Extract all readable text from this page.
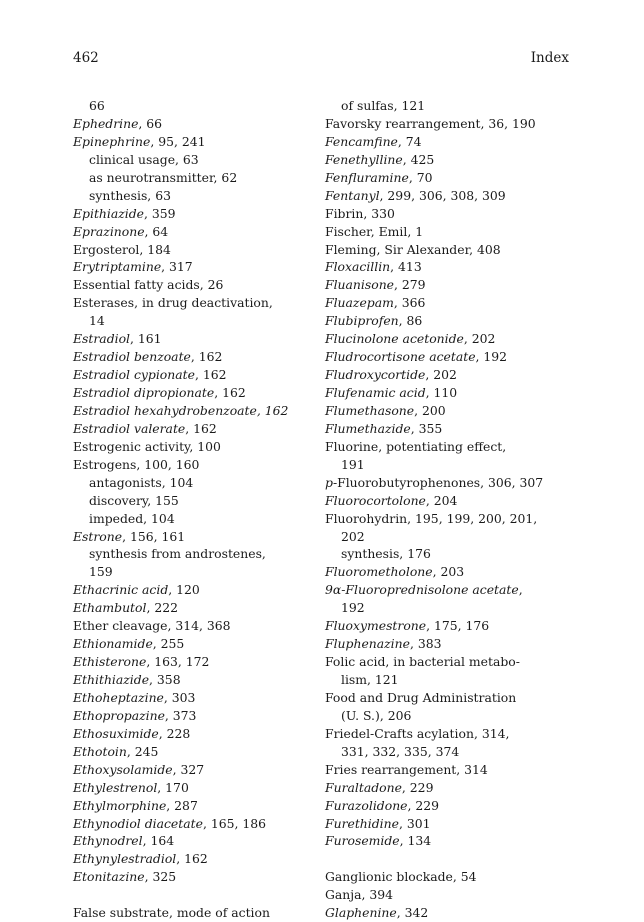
462	Index
66
Ephedrine, 66
Epinephrine, 95, 241
clinical usage, 63
as neurotransmitter, 62
synthesis, 63
Epithiazide, 359
Eprazinone, 64
Ergosterol, 184
Erytriptamine, 317
Essential fatty acids, 26
Esterases, in drug deactivation,
14
Estradiol, 161
Estradiol benzoate, 162
Estradiol cypionate, 162
Estradiol dipropionate, 162
Estradiol hexahydrobenzoate, 162
Estradiol valerate, 162
Estrogenic activity, 100
Estrogens, 100, 160
antagonists, 104
discovery, 155
impeded, 104
Estrone, 156, 161
synthesis from androstenes,
159
Ethacrinic acid, 120
Ethambutol, 222
Ether cleavage, 314, 368
Ethionamide, 255
Ethisterone, 163, 172
Ethithiazide, 358
Ethoheptazine, 303
Ethopropazine, 373
Ethosuximide, 228
Ethotoin, 245
Ethoxysolamide, 327
Ethylestrenol, 170
Ethylmorphine, 287
Ethynodiol diacetate, 165, 186
Ethynodrel, 164
Ethynylestradiol, 162
Etonitazine, 325
False substrate, mode of action
of sulfas, 121
Favorsky rearrangement, 36, 190
Fencamfine, 74
Fenethylline, 425
Fenfluramine, 70
Fentanyl, 299, 306, 308, 309
Fibrin, 330
Fischer, Emil, 1
Fleming, Sir Alexander, 408
Floxacillin, 413
Fluanisone, 279
Fluazepam, 366
Flubiprofen, 86
Flucinolone acetonide, 202
Fludrocortisone acetate, 192
Fludroxycortide, 202
Flufenamic acid, 110
Flumethasone, 200
Flumethazide, 355
Fluorine, potentiating effect,
191
p-Fluorobutyrophenones, 306, 307
Fluorocortolone, 204
Fluorohydrin, 195, 199, 200, 201,
202
synthesis, 176
Fluorometholone, 203
9α-Fluoroprednisolone acetate,
192
Fluoxymestrone, 175, 176
Fluphenazine, 383
Folic acid, in bacterial metabo-
lism, 121
Food and Drug Administration
(U. S.), 206
Friedel-Crafts acylation, 314,
331, 332, 335, 374
Fries rearrangement, 314
Furaltadone, 229
Furazolidone, 229
Furethidine, 301
Furosemide, 134
Ganglionic blockade, 54
Ganja, 394
Glaphenine, 342
